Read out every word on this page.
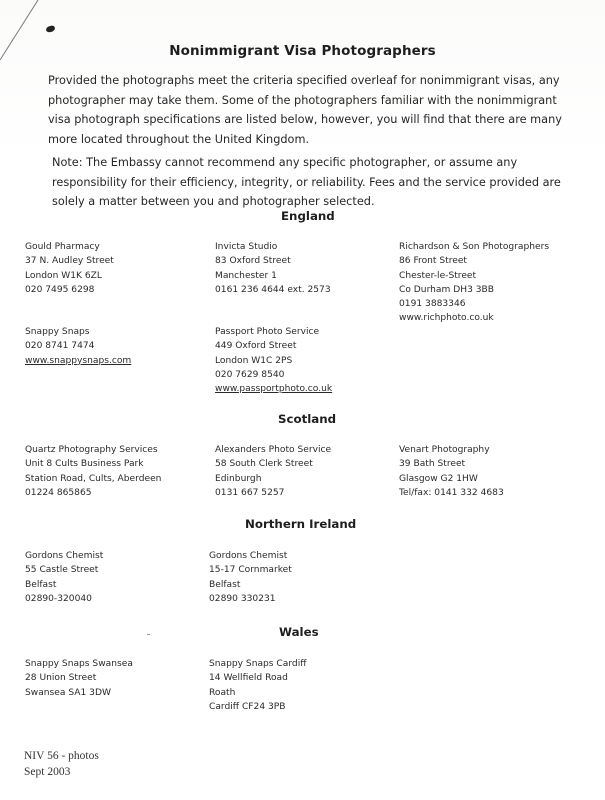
Nonimmigrant Visa Photographers
Provided the photographs meet the criteria specified overleaf for nonimmigrant visas, any photographer may take them. Some of the photographers familiar with the nonimmigrant visa photograph specifications are listed below, however, you will find that there are many more located throughout the United Kingdom.
Note: The Embassy cannot recommend any specific photographer, or assume any responsibility for their efficiency, integrity, or reliability. Fees and the service provided are solely a matter between you and photographer selected.
England
Gould Pharmacy
37 N. Audley Street
London W1K 6ZL
020 7495 6298
Invicta Studio
83 Oxford Street
Manchester 1
0161 236 4644 ext. 2573
Richardson & Son Photographers
86 Front Street
Chester-le-Street
Co Durham DH3 3BB
0191 3883346
www.richphoto.co.uk
Snappy Snaps
020 8741 7474
www.snappysnaps.com
Passport Photo Service
449 Oxford Street
London W1C 2PS
020 7629 8540
www.passportphoto.co.uk
Scotland
Quartz Photography Services
Unit 8 Cults Business Park
Station Road, Cults, Aberdeen
01224 865865
Alexanders Photo Service
58 South Clerk Street
Edinburgh
0131 667 5257
Venart Photography
39 Bath Street
Glasgow G2 1HW
Tel/fax: 0141 332 4683
Northern Ireland
Gordons Chemist
55 Castle Street
Belfast
02890-320040
Gordons Chemist
15-17 Cornmarket
Belfast
02890 330231
Wales
Snappy Snaps Swansea
28 Union Street
Swansea SA1 3DW
Snappy Snaps Cardiff
14 Wellfield Road
Roath
Cardiff CF24 3PB
NIV 56 - photos
Sept 2003
